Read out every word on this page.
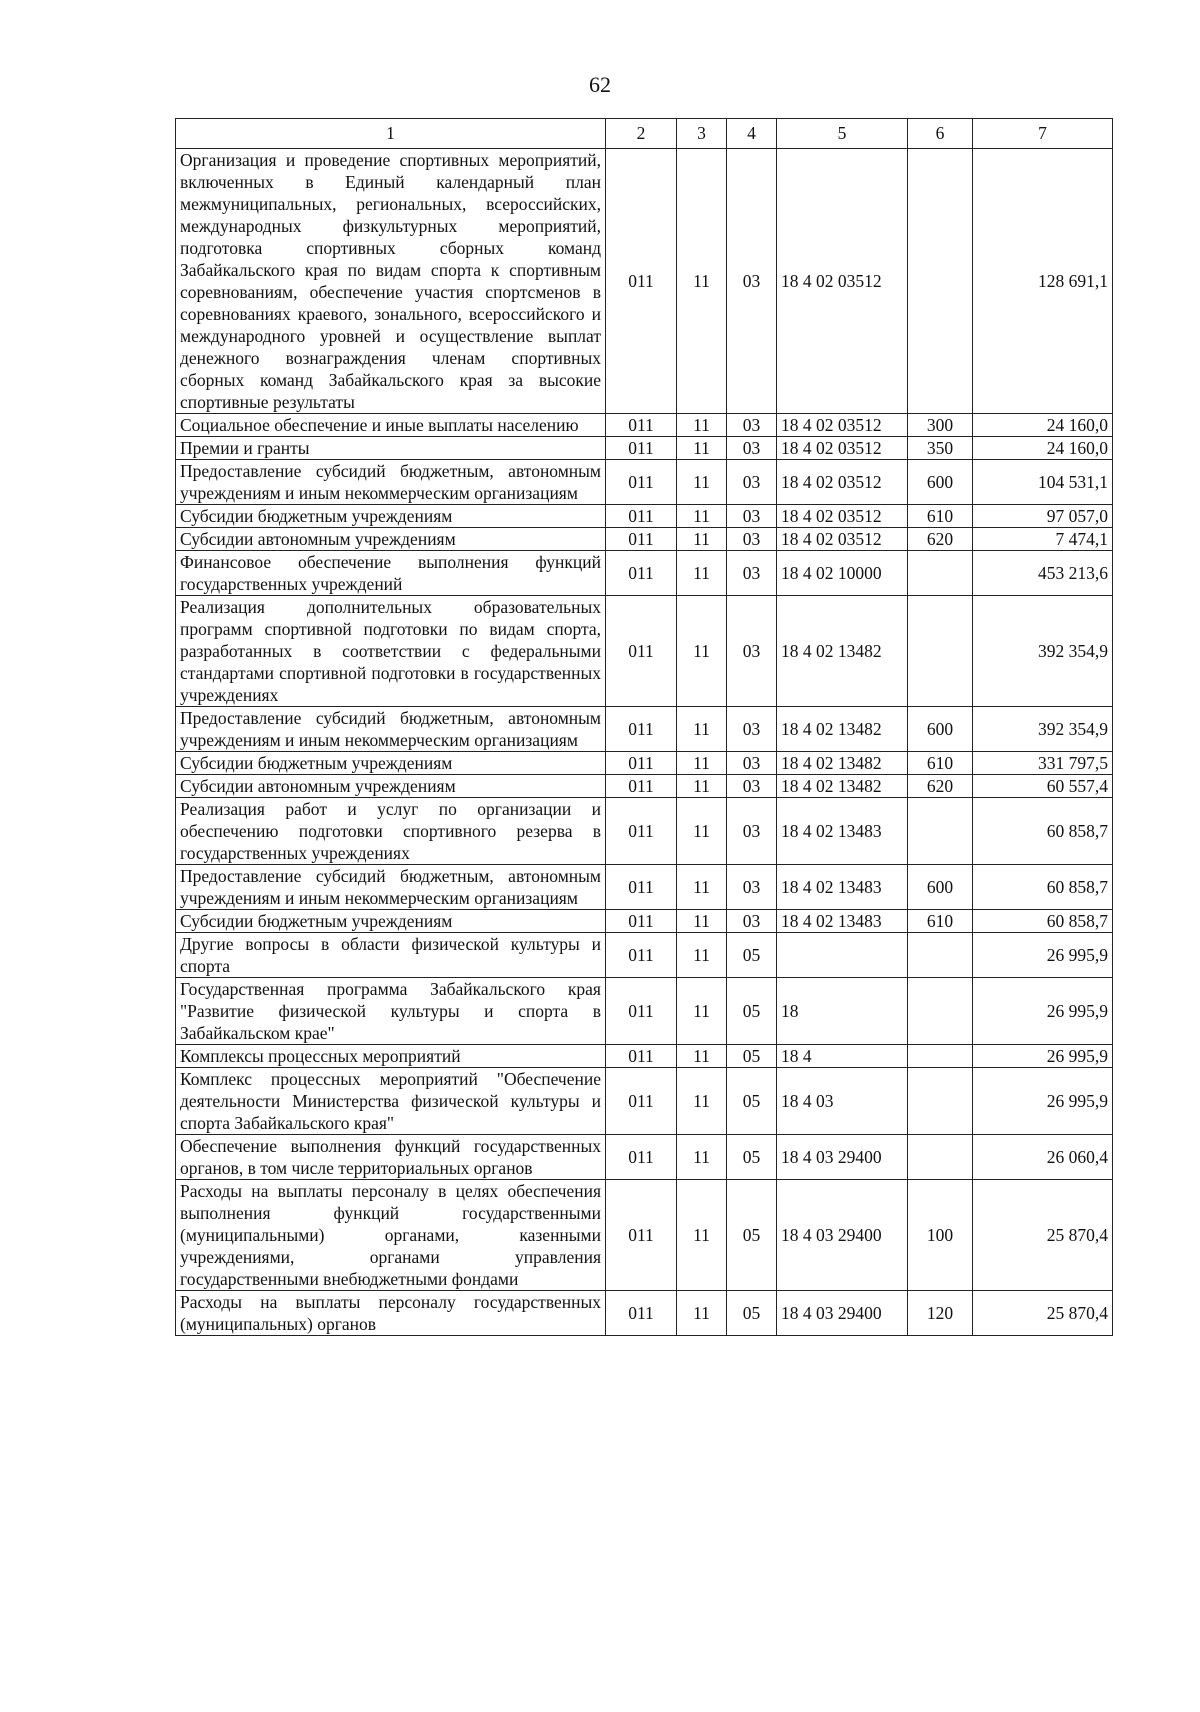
62
1	2	3	4	5	6	7
Организация и проведение спортивных мероприятий, включенных в Единый календарный план межмуниципальных, региональных, всероссийских, международных физкультурных мероприятий, подготовка спортивных сборных команд Забайкальского края по видам спорта к спортивным соревнованиям, обеспечение участия спортсменов в соревнованиях краевого, зонального, всероссийского и международного уровней и осуществление выплат денежного вознаграждения членам спортивных сборных команд Забайкальского края за высокие спортивные результаты	011	11	03	18 4 02 03512		128 691,1
Социальное обеспечение и иные выплаты населению	011	11	03	18 4 02 03512	300	24 160,0
Премии и гранты	011	11	03	18 4 02 03512	350	24 160,0
Предоставление субсидий бюджетным, автономным учреждениям и иным некоммерческим организациям	011	11	03	18 4 02 03512	600	104 531,1
Субсидии бюджетным учреждениям	011	11	03	18 4 02 03512	610	97 057,0
Субсидии автономным учреждениям	011	11	03	18 4 02 03512	620	7 474,1
Финансовое обеспечение выполнения функций государственных учреждений	011	11	03	18 4 02 10000		453 213,6
Реализация дополнительных образовательных программ спортивной подготовки по видам спорта, разработанных в соответствии с федеральными стандартами спортивной подготовки в государственных учреждениях	011	11	03	18 4 02 13482		392 354,9
Предоставление субсидий бюджетным, автономным учреждениям и иным некоммерческим организациям	011	11	03	18 4 02 13482	600	392 354,9
Субсидии бюджетным учреждениям	011	11	03	18 4 02 13482	610	331 797,5
Субсидии автономным учреждениям	011	11	03	18 4 02 13482	620	60 557,4
Реализация работ и услуг по организации и обеспечению подготовки спортивного резерва в государственных учреждениях	011	11	03	18 4 02 13483		60 858,7
Предоставление субсидий бюджетным, автономным учреждениям и иным некоммерческим организациям	011	11	03	18 4 02 13483	600	60 858,7
Субсидии бюджетным учреждениям	011	11	03	18 4 02 13483	610	60 858,7
Другие вопросы в области физической культуры и спорта	011	11	05			26 995,9
Государственная программа Забайкальского края "Развитие физической культуры и спорта в Забайкальском крае"	011	11	05	18		26 995,9
Комплексы процессных мероприятий	011	11	05	18 4		26 995,9
Комплекс процессных мероприятий "Обеспечение деятельности Министерства физической культуры и спорта Забайкальского края"	011	11	05	18 4 03		26 995,9
Обеспечение выполнения функций государственных органов, в том числе территориальных органов	011	11	05	18 4 03 29400		26 060,4
Расходы на выплаты персоналу в целях обеспечения выполнения функций государственными (муниципальными) органами, казенными учреждениями, органами управления государственными внебюджетными фондами	011	11	05	18 4 03 29400	100	25 870,4
Расходы на выплаты персоналу государственных (муниципальных) органов	011	11	05	18 4 03 29400	120	25 870,4
